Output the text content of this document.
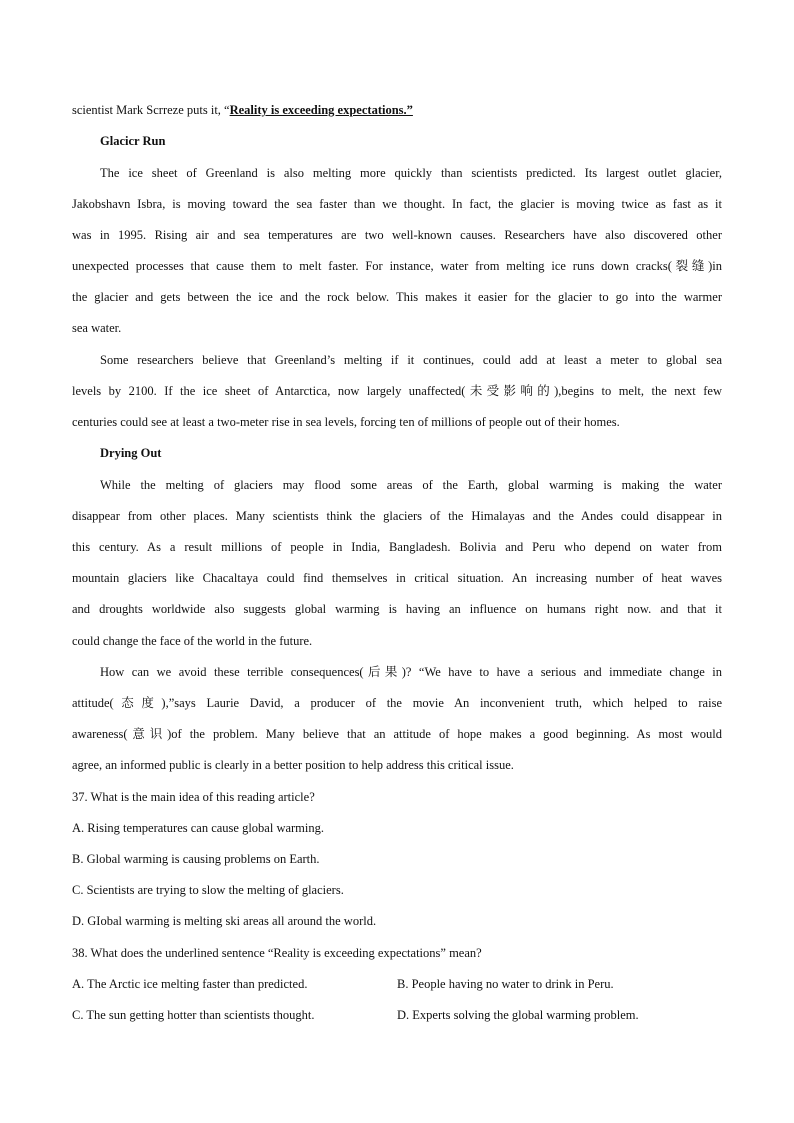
scientist Mark Scrreze puts it, “Reality is exceeding expectations.”
Glacicr Run
The ice sheet of Greenland is also melting more quickly than scientists predicted. Its largest outlet glacier,
Jakobshavn Isbra, is moving toward the sea faster than we thought. In fact, the glacier is moving twice as fast as it
was in 1995. Rising air and sea temperatures are two well-known causes. Researchers have also discovered other
unexpected processes that cause them to melt faster. For instance, water from melting ice runs down cracks(裂缝)in
the glacier and gets between the ice and the rock below. This makes it easier for the glacier to go into the warmer
sea water.
Some researchers believe that Greenland’s melting if it continues, could add at least a meter to global sea
levels by 2100. If the ice sheet of Antarctica, now largely unaffected(未受影响的),begins to melt, the next few
centuries could see at least a two-meter rise in sea levels, forcing ten of millions of people out of their homes.
Drying Out
While the melting of glaciers may flood some areas of the Earth, global warming is making the water
disappear from other places. Many scientists think the glaciers of the Himalayas and the Andes could disappear in
this century. As a result millions of people in India, Bangladesh. Bolivia and Peru who depend on water from
mountain glaciers like Chacaltaya could find themselves in critical situation. An increasing number of heat waves
and droughts worldwide also suggests global warming is having an influence on humans right now. and that it
could change the face of the world in the future.
How can we avoid these terrible consequences(后果)? “We have to have a serious and immediate change in
attitude(态度),”says Laurie David, a producer of the movie An inconvenient truth, which helped to raise
awareness(意识)of the problem. Many believe that an attitude of hope makes a good beginning. As most would
agree, an informed public is clearly in a better position to help address this critical issue.
37. What is the main idea of this reading article?
A. Rising temperatures can cause global warming.
B. Global warming is causing problems on Earth.
C. Scientists are trying to slow the melting of glaciers.
D. GIobal warming is melting ski areas all around the world.
38. What does the underlined sentence “Reality is exceeding expectations” mean?
A. The Arctic ice melting faster than predicted.	B. People having no water to drink in Peru.
C. The sun getting hotter than scientists thought.	D. Experts solving the global warming problem.
